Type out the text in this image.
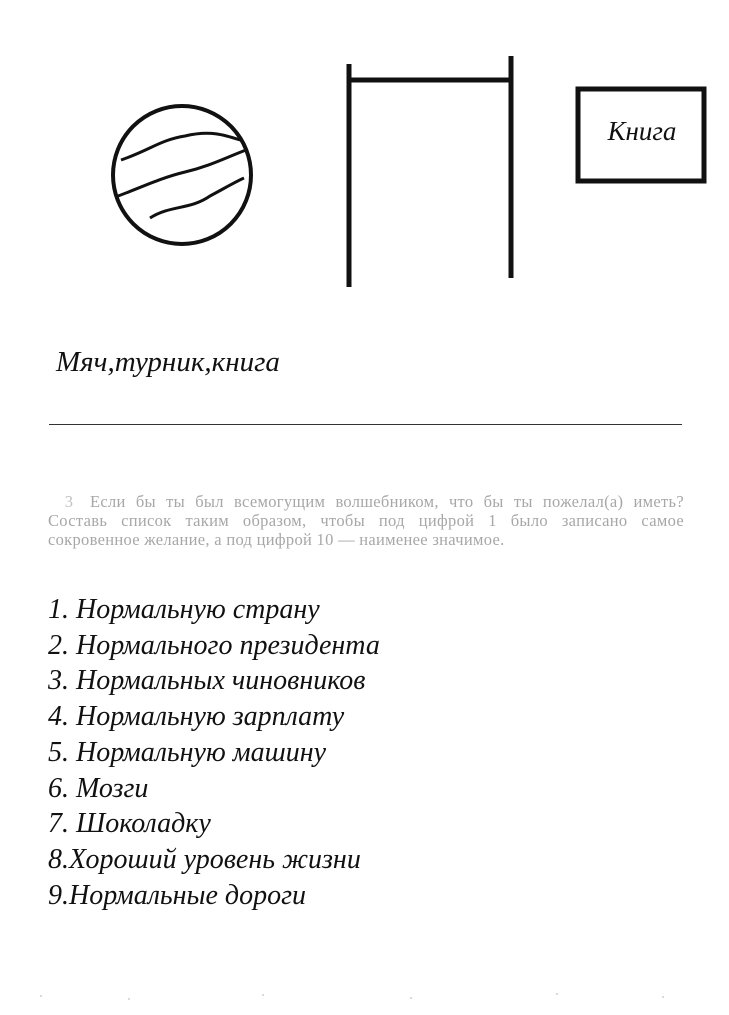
Книга
Мяч,турник,книга
3 Если бы ты был всемогущим волшебником, что бы ты пожелал(а) иметь? Составь список таким образом, чтобы под цифрой 1 было записано самое сокровенное желание, а под цифрой 10 — наименее значимое.
1. Нормальную страну
2. Нормального президента
3. Нормальных чиновников
4. Нормальную зарплату
5. Нормальную машину
6. Мозги
7. Шоколадку
8.Хороший уровень жизни
9.Нормальные дороги
